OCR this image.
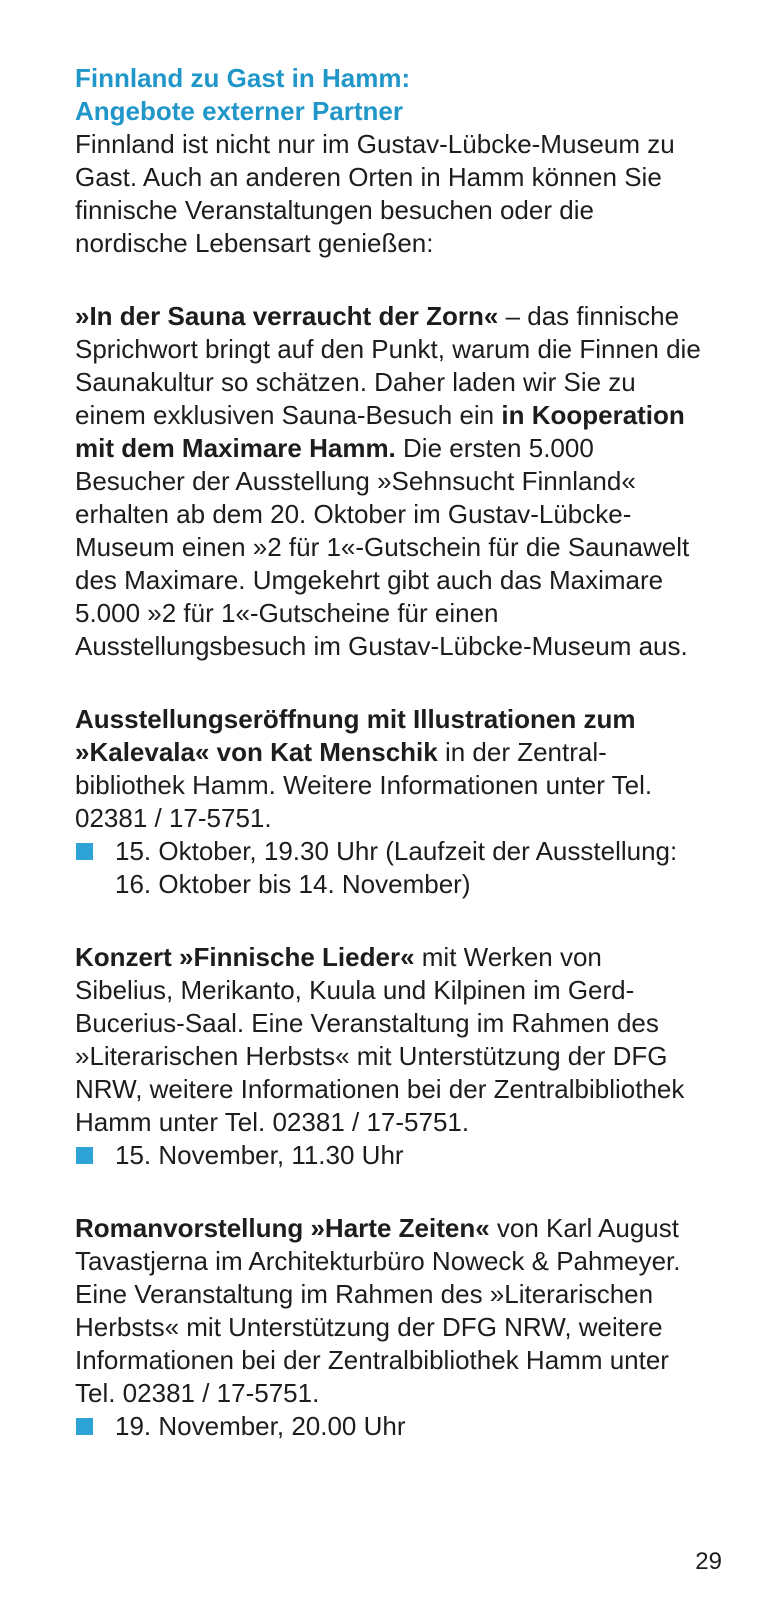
Finnland zu Gast in Hamm:
Angebote externer Partner

Finnland ist nicht nur im Gustav-Lübcke-Museum zu Gast. Auch an anderen Orten in Hamm können Sie finnische Veranstaltungen besuchen oder die nordische Lebensart genießen:

»In der Sauna verraucht der Zorn« – das finnische Sprichwort bringt auf den Punkt, warum die Finnen die Saunakultur so schätzen. Daher laden wir Sie zu einem exklusiven Sauna-Besuch ein in Kooperation mit dem Maximare Hamm. Die ersten 5.000 Besucher der Ausstellung »Sehnsucht Finnland« erhalten ab dem 20. Oktober im Gustav-Lübcke-Museum einen »2 für 1«-Gutschein für die Saunawelt des Maximare. Umgekehrt gibt auch das Maximare 5.000 »2 für 1«-Gutscheine für einen Ausstellungsbesuch im Gustav-Lübcke-Museum aus.

Ausstellungseröffnung mit Illustrationen zum »Kalevala« von Kat Menschik in der Zentralbibliothek Hamm. Weitere Informationen unter Tel. 02381 / 17-5751.

15. Oktober, 19.30 Uhr (Laufzeit der Ausstellung: 16. Oktober bis 14. November)

Konzert »Finnische Lieder« mit Werken von Sibelius, Merikanto, Kuula und Kilpinen im Gerd-Bucerius-Saal. Eine Veranstaltung im Rahmen des »Literarischen Herbsts« mit Unterstützung der DFG NRW, weitere Informationen bei der Zentralbibliothek Hamm unter Tel. 02381 / 17-5751.

15. November, 11.30 Uhr

Romanvorstellung »Harte Zeiten« von Karl August Tavastjerna im Architekturbüro Noweck & Pahmeyer. Eine Veranstaltung im Rahmen des »Literarischen Herbsts« mit Unterstützung der DFG NRW, weitere Informationen bei der Zentralbibliothek Hamm unter Tel. 02381 / 17-5751.

19. November, 20.00 Uhr
29
